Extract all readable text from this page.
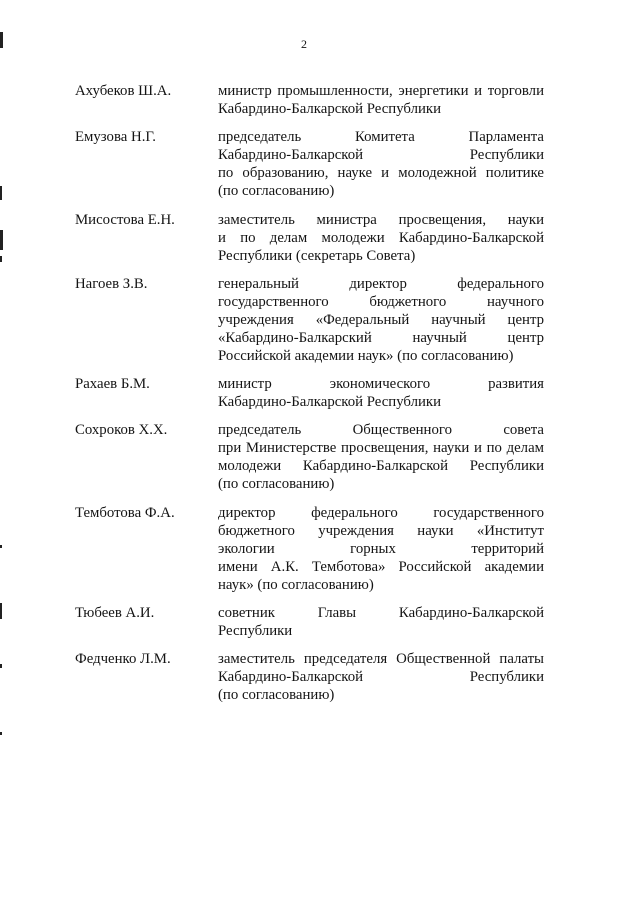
2
Ахубеков Ш.А.	министр промышленности, энергетики и торговли
Кабардино-Балкарской Республики
Емузова Н.Г.	председатель Комитета Парламента
Кабардино-Балкарской Республики
по образованию, науке и молодежной политике
(по согласованию)
Мисостова Е.Н.	заместитель министра просвещения, науки
и по делам молодежи Кабардино-Балкарской
Республики (секретарь Совета)
Нагоев З.В.	генеральный директор федерального
государственного бюджетного научного
учреждения «Федеральный научный центр
«Кабардино-Балкарский научный центр
Российской академии наук» (по согласованию)
Рахаев Б.М.	министр экономического развития
Кабардино-Балкарской Республики
Сохроков Х.Х.	председатель Общественного совета
при Министерстве просвещения, науки и по делам
молодежи Кабардино-Балкарской Республики
(по согласованию)
Темботова Ф.А.	директор федерального государственного
бюджетного учреждения науки «Институт
экологии горных территорий
имени А.К. Темботова» Российской академии
наук» (по согласованию)
Тюбеев А.И.	советник Главы Кабардино-Балкарской
Республики
Федченко Л.М.	заместитель председателя Общественной палаты
Кабардино-Балкарской Республики
(по согласованию)
